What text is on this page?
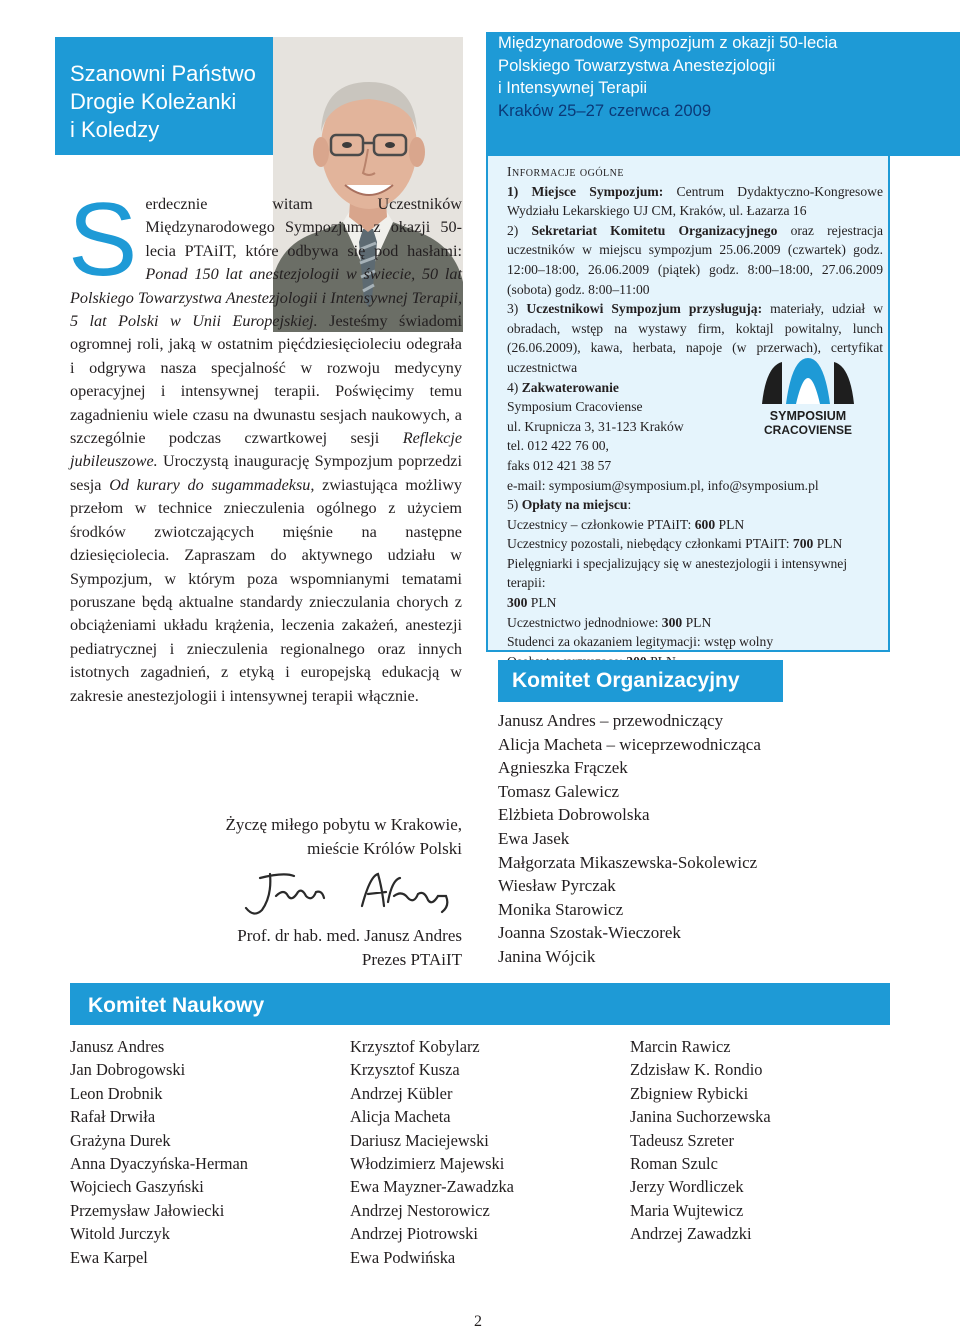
Szanowni Państwo
Drogie Koleżanki
i Koledzy
S erdecznie witam Uczestników Międzynarodowego Sympozjum z okazji 50-lecia PTAiIT, które odbywa się pod hasłami: Ponad 150 lat anestezjologii w świecie, 50 lat Polskiego Towarzystwa Anestezjologii i Intensywnej Terapii, 5 lat Polski w Unii Europejskiej. Jesteśmy świadomi ogromnej roli, jaką w ostatnim pięćdziesięcioleciu odegrała i odgrywa nasza specjalność w rozwoju medycyny operacyjnej i intensywnej terapii. Poświęcimy temu zagadnieniu wiele czasu na dwunastu sesjach naukowych, a szczególnie podczas czwartkowej sesji Reflekcje jubileuszowe. Uroczystą inaugurację Sympozjum poprzedzi sesja Od kurary do sugammadeksu, zwiastująca możliwy przełom w technice znieczulenia ogólnego z użyciem środków zwiotczających mięśnie na następne dziesięciolecia. Zapraszam do aktywnego udziału w Sympozjum, w którym poza wspomnianymi tematami poruszane będą aktualne standardy znieczulania chorych z obciążeniami układu krążenia, leczenia zakażeń, anestezji pediatrycznej i znieczulenia regionalnego oraz innych istotnych zagadnień, z etyką i europejską edukacją w zakresie anestezjologii i intensywnej terapii włącznie.
Życzę miłego pobytu w Krakowie,
mieście Królów Polski
Prof. dr hab. med. Janusz Andres
Prezes PTAiIT
Międzynarodowe Sympozjum z okazji 50-lecia
Polskiego Towarzystwa Anestezjologii
i Intensywnej Terapii
Kraków 25–27 czerwca 2009

Informacje ogólne

1) Miejsce Sympozjum: Centrum Dydaktyczno-Kongresowe Wydziału Lekarskiego UJ CM, Kraków, ul. Łazarza 16

2) Sekretariat Komitetu Organizacyjnego oraz rejestracja uczestników w miejscu sympozjum 25.06.2009 (czwartek) godz. 12:00–18:00, 26.06.2009 (piątek) godz. 8:00–18:00, 27.06.2009 (sobota) godz. 8:00–11:00

3) Uczestnikowi Sympozjum przysługują: materiały, udział w obradach, wstęp na wystawy firm, koktajl powitalny, lunch (26.06.2009), kawa, herbata, napoje (w przerwach), certyfikat uczestnictwa

4) Zakwaterowanie

Symposium Cracoviense

ul. Krupnicza 3, 31-123 Kraków

tel. 012 422 76 00,

faks 012 421 38 57

e-mail: symposium@symposium.pl, info@symposium.pl

5) Opłaty na miejscu:

Uczestnicy – członkowie PTAiIT: 600 PLN

Uczestnicy pozostali, niebędący członkami PTAiIT: 700 PLN

Pielęgniarki i specjalizujący się w anestezjologii i intensywnej terapii:
300 PLN

Uczestnictwo jednodniowe: 300 PLN

Studenci za okazaniem legitymacji: wstęp wolny

SYMPOSIUM
CRACOVIENSE
Komitet Organizacyjny
Janusz Andres – przewodniczący
Alicja Macheta – wiceprzewodnicząca
Agnieszka Frączek
Tomasz Galewicz
Elżbieta Dobrowolska
Ewa Jasek
Małgorzata Mikaszewska-Sokolewicz
Wiesław Pyrczak
Monika Starowicz
Joanna Szostak-Wieczorek
Janina Wójcik
Komitet Naukowy
Janusz Andres
Jan Dobrogowski
Leon Drobnik
Rafał Drwiła
Grażyna Durek
Anna Dyaczyńska-Herman
Wojciech Gaszyński
Przemysław Jałowiecki
Witold Jurczyk
Ewa Karpel
Krzysztof Kobylarz
Krzysztof Kusza
Andrzej Kübler
Alicja Macheta
Dariusz Maciejewski
Włodzimierz Majewski
Ewa Mayzner-Zawadzka
Andrzej Nestorowicz
Andrzej Piotrowski
Ewa Podwińska
Marcin Rawicz
Zdzisław K. Rondio
Zbigniew Rybicki
Janina Suchorzewska
Tadeusz Szreter
Roman Szulc
Jerzy Wordliczek
Maria Wujtewicz
Andrzej Zawadzki
2
